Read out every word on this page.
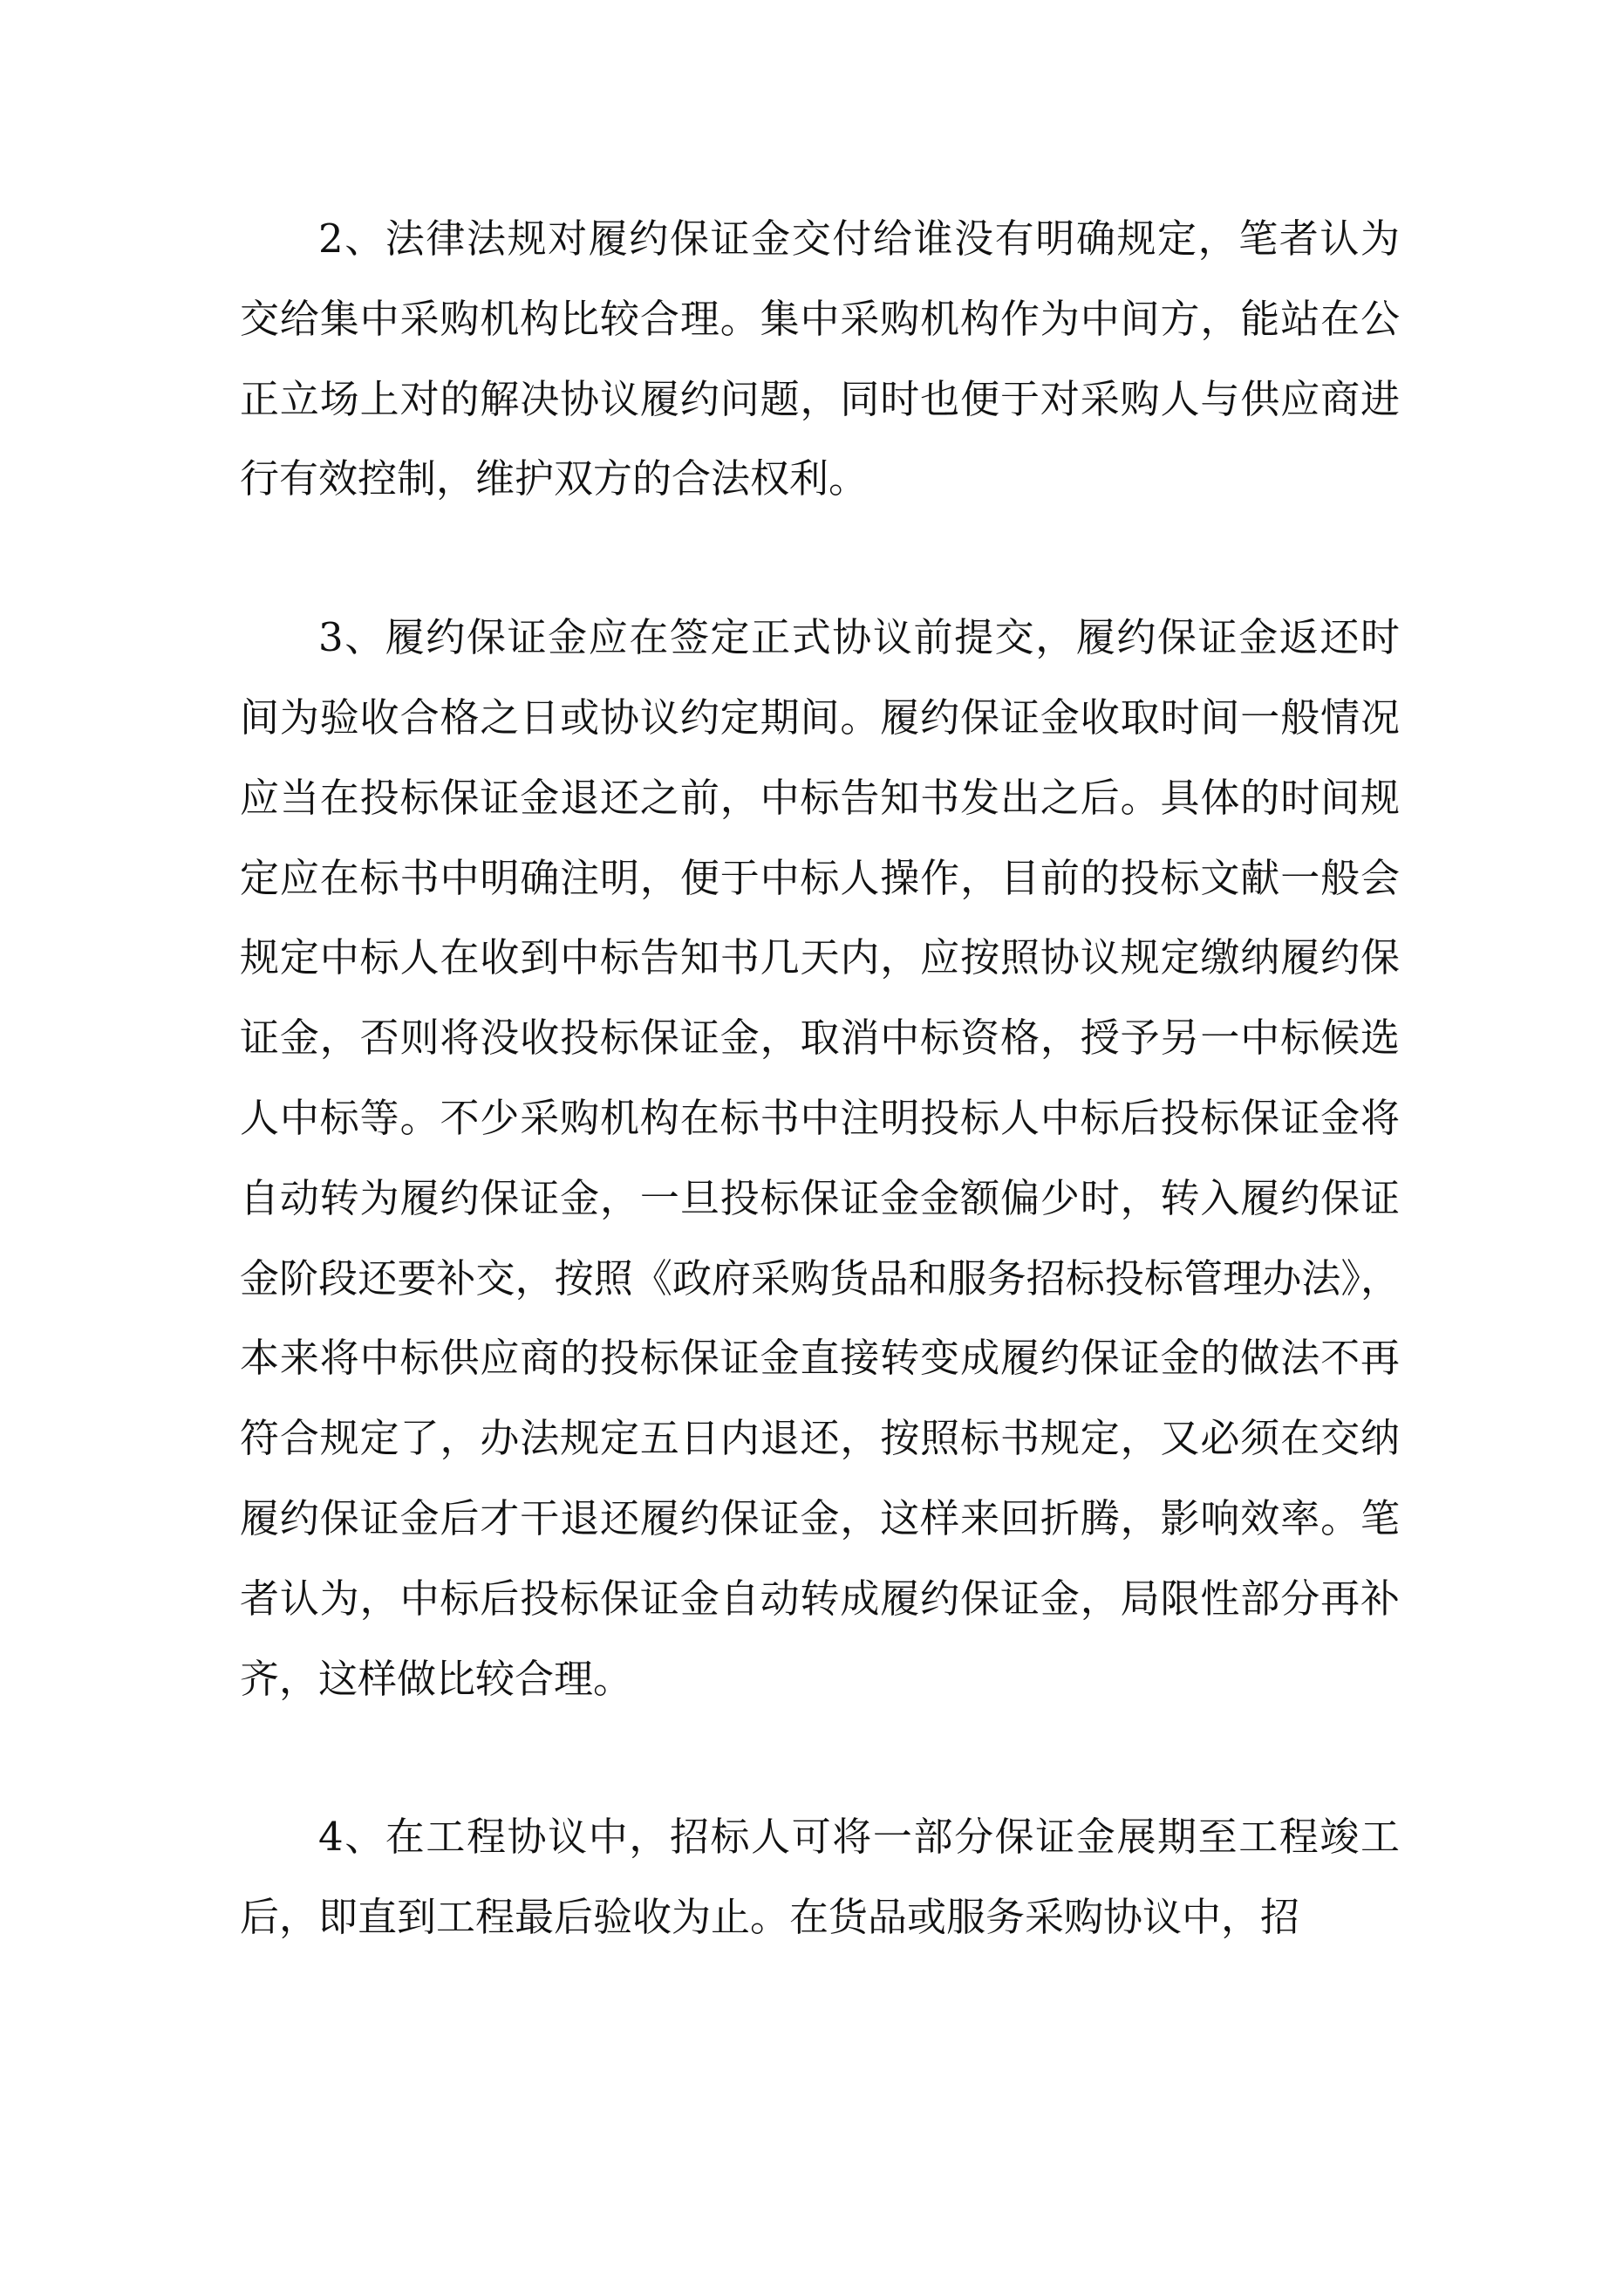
2、法律法规对履约保证金交付给谁没有明确规定，笔者认为交给集中采购机构比较合理。集中采购机构作为中间方，能站在公正立场上对的解决协议履约问题，同时也便于对采购人与供应商进行有效控制，维护双方的合法权利。

3、履约保证金应在签定正式协议前提交，履约保证金返还时间为验收合格之日或协议约定期间。履约保证金收取时间一般情况应当在投标保证金退还之前，中标告知书发出之后。具体的时间规定应在标书中明确注明，便于中标人操作，目前的投标文献一般会规定中标人在收到中标告知书几天内，应按照协议规定缴纳履约保证金，否则将没收投标保证金，取消中标资格，授予另一中标候选人中标等。不少采购机构在标书中注明投标人中标后投标保证金将自动转为履约保证金，一旦投标保证金金额偏少时，转入履约保证金阶段还要补交，按照《政府采购货品和服务招标投标管理办法》，本来将中标供应商的投标保证金直接转变成履约保证金的做法不再符合规定了，办法规定五日内退还，按照标书规定，又必须在交纳履约保证金后才干退还履约保证金，这样来回折腾，影响效率。笔者认为，中标后投标保证金自动转成履约保证金，局限性部分再补齐，这样做比较合理。

4、在工程协议中，招标人可将一部分保证金展期至工程竣工后，即直到工程最后验收为止。在货品或服务采购协议中，招
